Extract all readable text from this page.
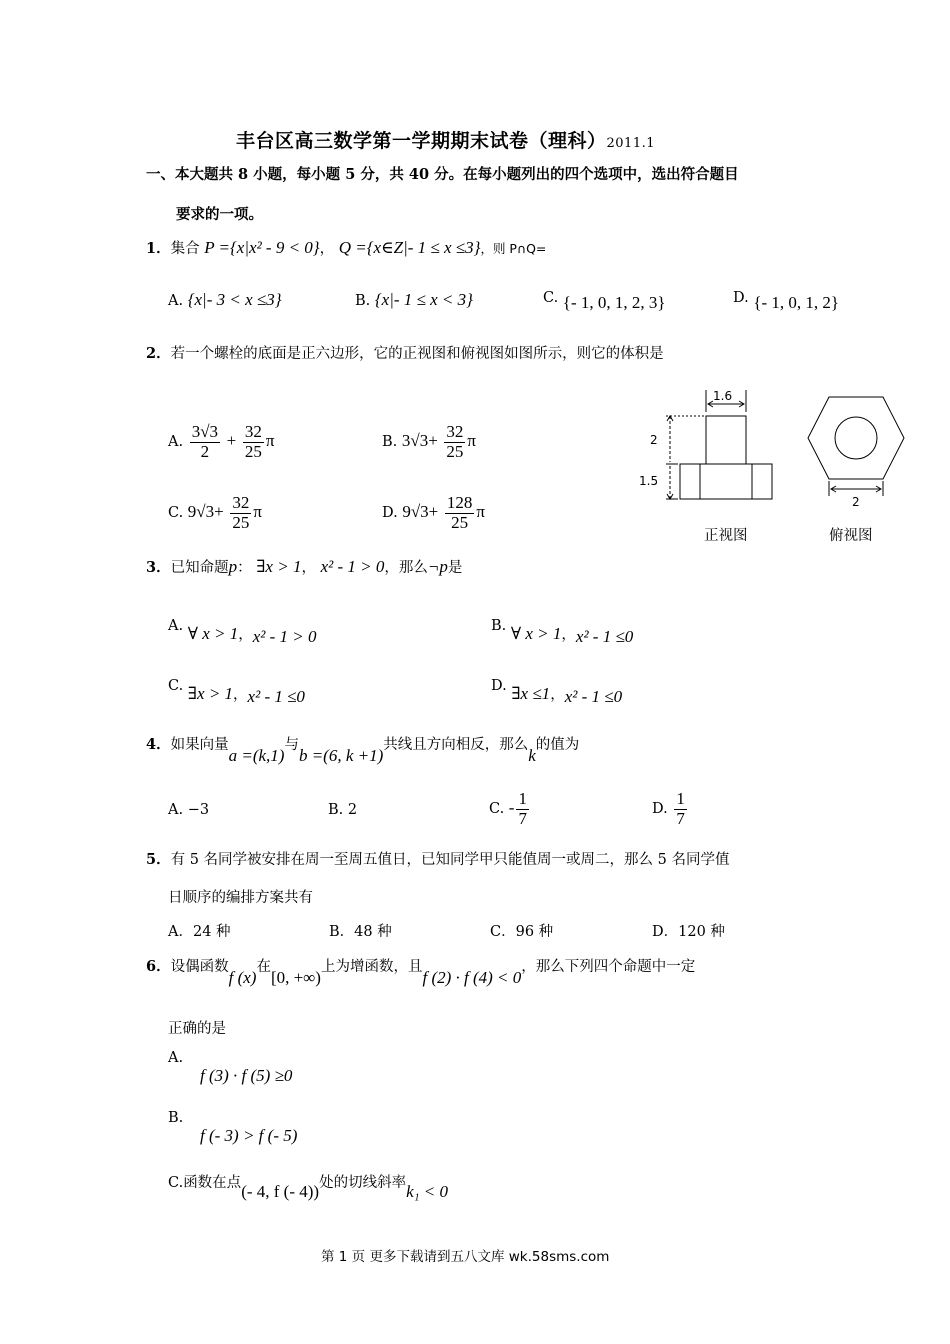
丰台区高三数学第一学期期末试卷（理科）2011.1
一、本大题共 8 小题，每小题 5 分，共 40 分。在每小题列出的四个选项中，选出符合题目
要求的一项。
1．集合 P ={x|x² - 9 < 0}， Q ={x∈Z|- 1 ≤ x ≤3}，则 P∩Q=
A. {x|- 3 < x ≤3}	B. {x|- 1 ≤ x < 3}	C. {- 1, 0, 1, 2, 3}	D. {- 1, 0, 1, 2}
2．若一个螺栓的底面是正六边形，它的正视图和俯视图如图所示，则它的体积是
A. $\frac{3√3}{2} + \frac{32}{25}$ π	B. $3√3+ \frac{32}{25}$ π
C. $9√3+ \frac{32}{25}$ π	D. $9√3+ \frac{128}{25}$ π
1.6
2
1.5
2
正视图	俯视图
3．已知命题p： ∃x > 1， x² - 1 > 0，那么¬p是
A. ∀ x > 1，x² - 1 > 0
B. ∀ x > 1，x² - 1 ≤0
C. ∃x > 1，x² - 1 ≤0
D. ∃x ≤1，x² - 1 ≤0
4．如果向量a =(k,1)与b =(6, k +1)共线且方向相反，那么k的值为
A. −3	B. 2	C. - $\frac{1}{7}$	D. $\frac{1}{7}$
5．有 5 名同学被安排在周一至周五值日，已知同学甲只能值周一或周二，那么 5 名同学值
日顺序的编排方案共有
A．24 种	B．48 种	C．96 种	D．120 种
6．设偶函数f (x)在[0, +∞)上为增函数，且f (2) · f (4) < 0，那么下列四个命题中一定
正确的是
A.
f (3) · f (5) ≥0
B.
f (- 3) > f (- 5)
C.函数在点(- 4, f (- 4))处的切线斜率k₁ < 0
第 1 页 更多下载请到五八文库 wk.58sms.com
